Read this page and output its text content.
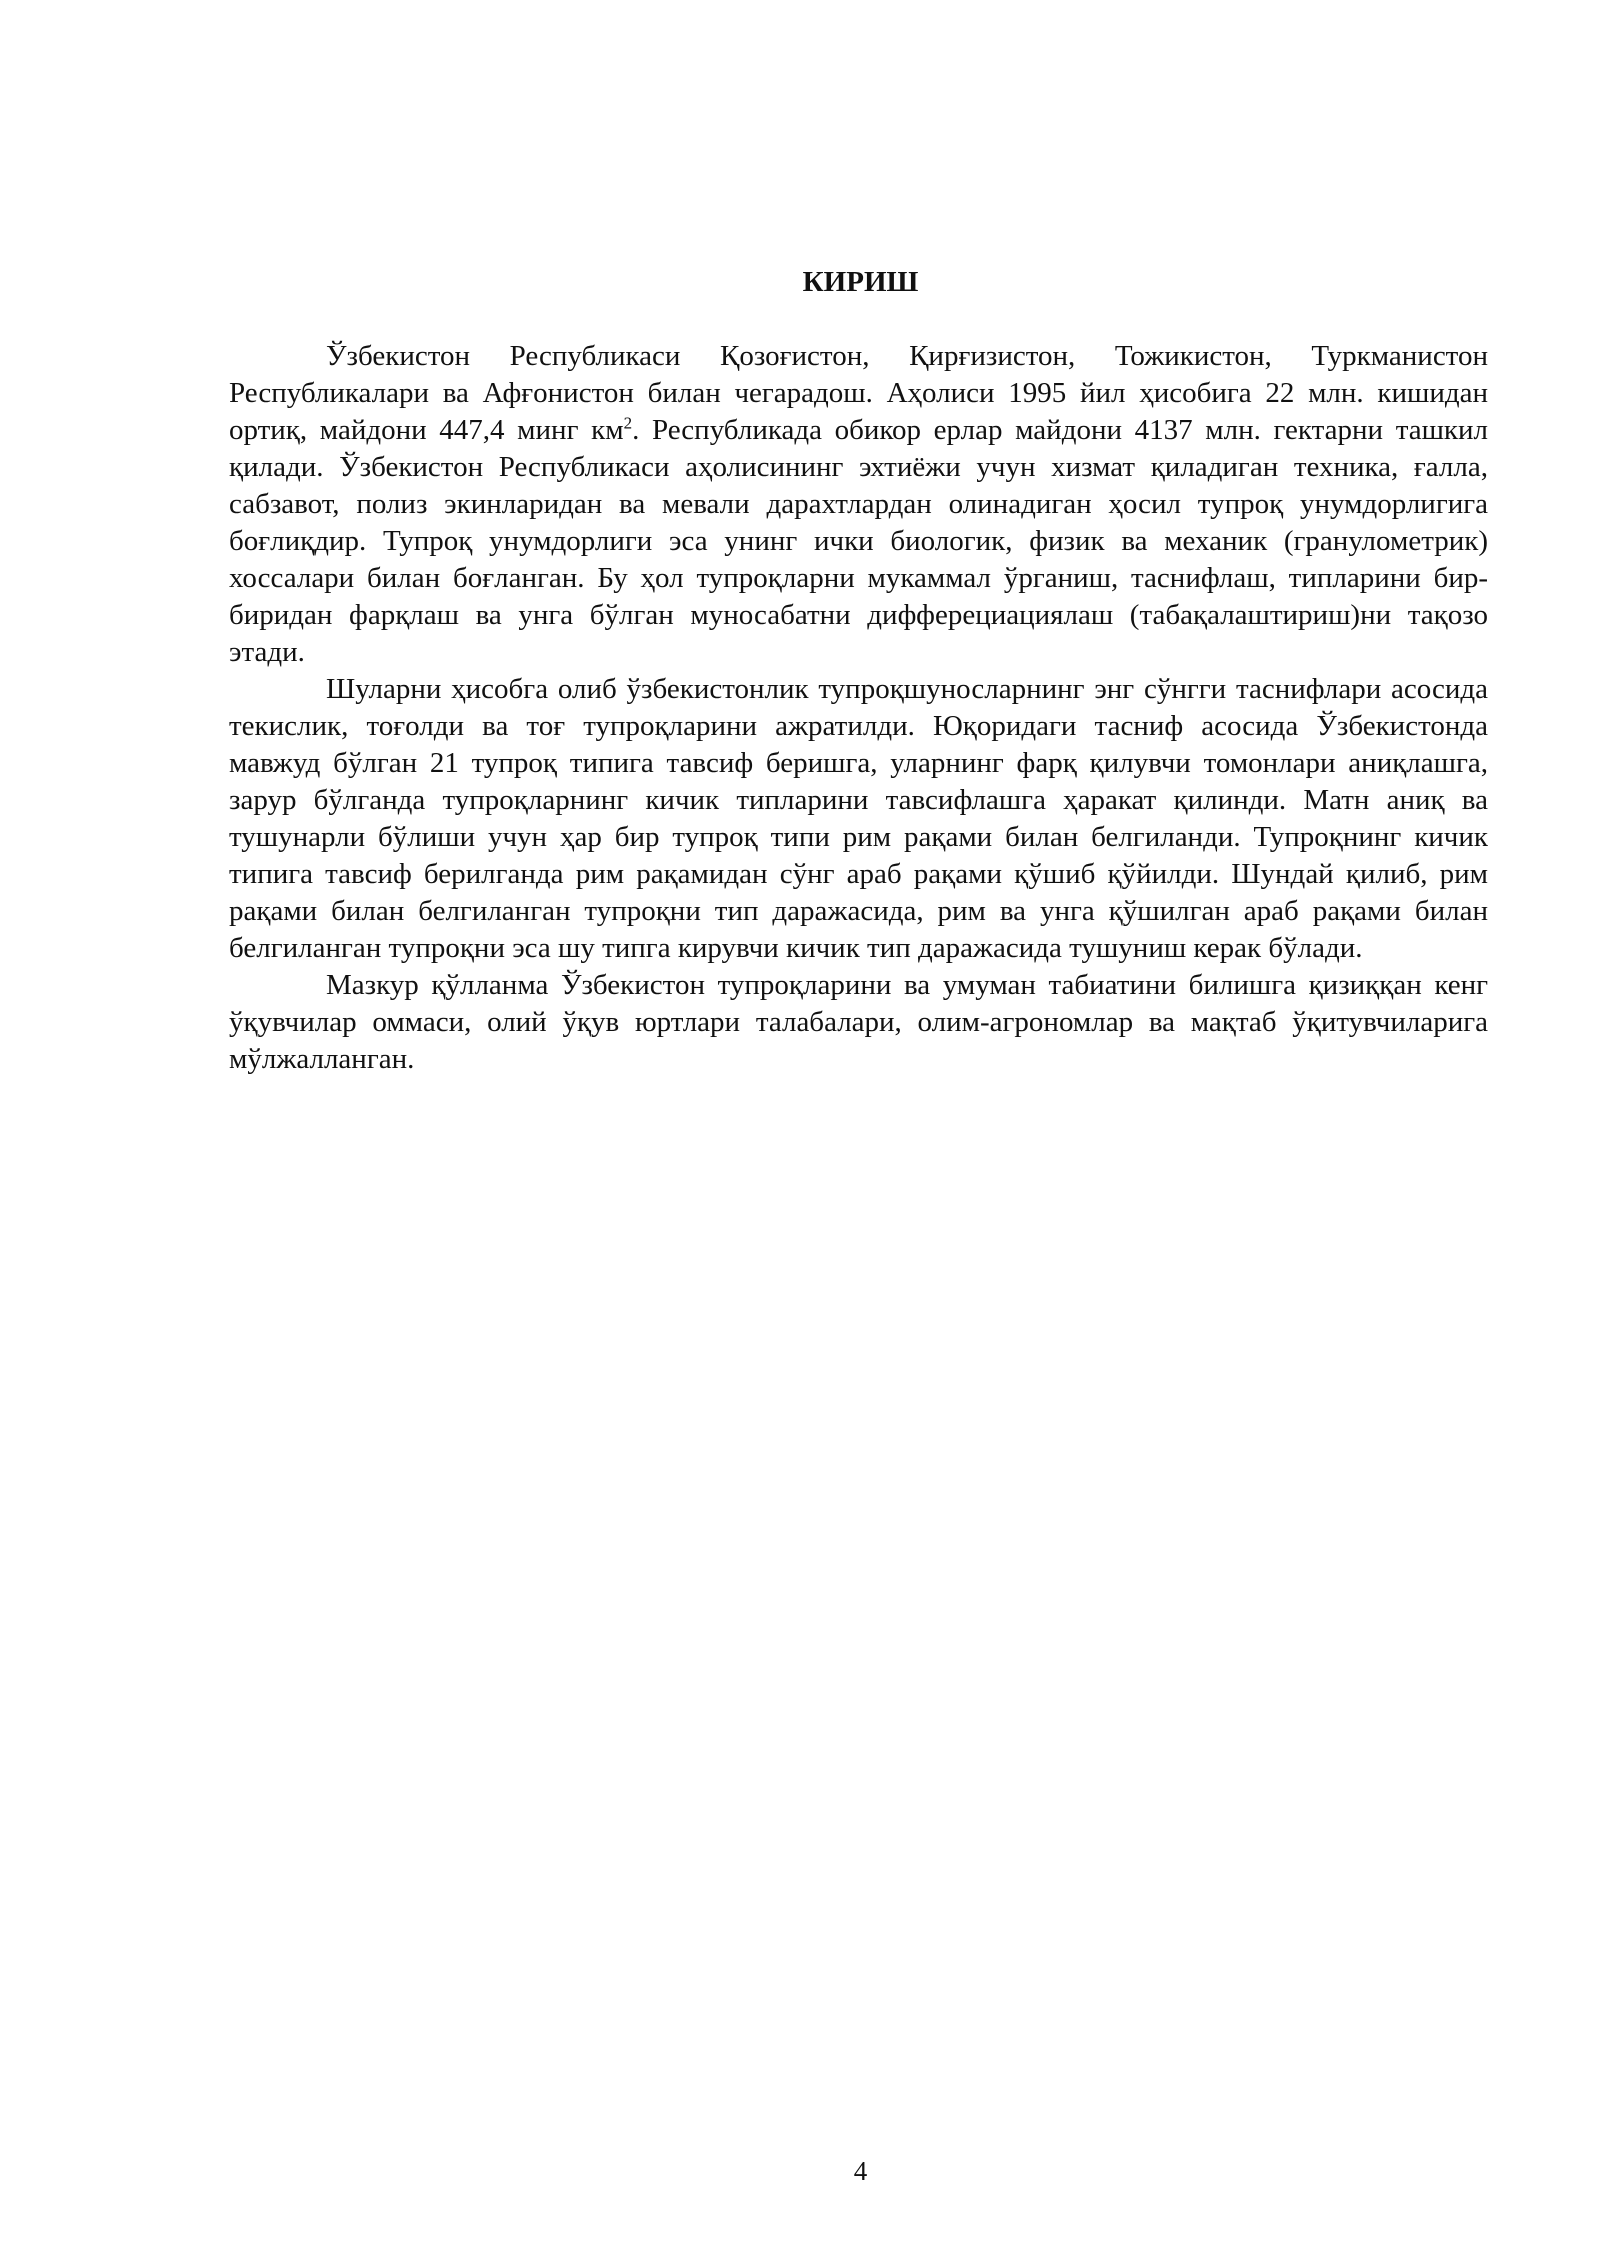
КИРИШ

Ўзбекистон Республикаси Қозоғистон, Қирғизистон, Тожикистон, Туркманистон Республикалари ва Афғонистон билан чегарадош. Аҳолиси 1995 йил ҳисобига 22 млн. кишидан ортиқ, майдони 447,4 минг $км^2$. Республикада обикор ерлар майдони 4137 млн. гектарни ташкил қилади. Ўзбекистон Республикаси аҳолисининг эхтиёжи учун хизмат қиладиган техника, ғалла, сабзавот, полиз экинларидан ва мевали дарахтлардан олинадиган ҳосил тупроқ унумдорлигига боғлиқдир. Тупроқ унумдорлиги эса унинг ички биологик, физик ва механик (гранулометрик) хоссалари билан боғланган. Бу ҳол тупроқларни мукаммал ўрганиш, таснифлаш, типларини бир-биридан фарқлаш ва унга бўлган муносабатни дифферециациялаш (табақалаштириш)ни тақозо этади.

Шуларни ҳисобга олиб ўзбекистонлик тупроқшуносларнинг энг сўнгги таснифлари асосида текислик, тоғолди ва тоғ тупроқларини ажратилди. Юқоридаги тасниф асосида Ўзбекистонда мавжуд бўлган 21 тупроқ типига тавсиф беришга, уларнинг фарқ қилувчи томонлари аниқлашга, зарур бўлганда тупроқларнинг кичик типларини тавсифлашга ҳаракат қилинди. Матн аниқ ва тушунарли бўлиши учун ҳар бир тупроқ типи рим рақами билан белгиланди. Тупроқнинг кичик типига тавсиф берилганда рим рақамидан сўнг араб рақами қўшиб қўйилди. Шундай қилиб, рим рақами билан белгиланган тупроқни тип даражасида, рим ва унга қўшилган араб рақами билан белгиланган тупроқни эса шу типга кирувчи кичик тип даражасида тушуниш керак бўлади.

Мазкур қўлланма Ўзбекистон тупроқларини ва умуман табиатини билишга қизиққан кенг ўқувчилар оммаси, олий ўқув юртлари талабалари, олим-агрономлар ва мақтаб ўқитувчиларига мўлжалланган.

4
